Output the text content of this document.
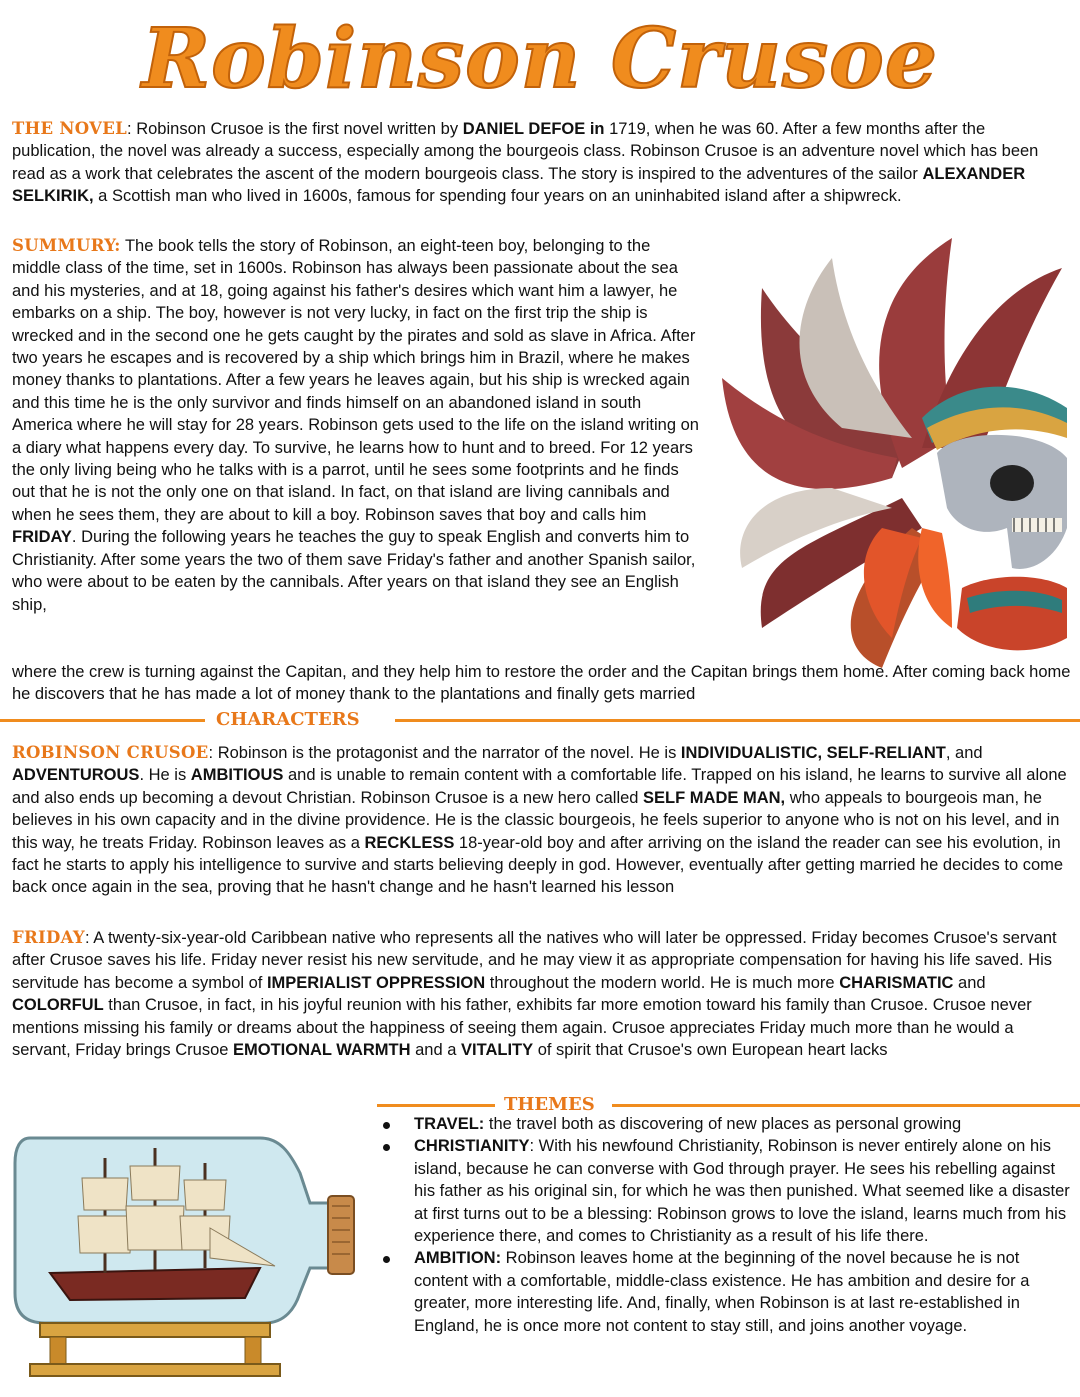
Robinson Crusoe

THE NOVEL: Robinson Crusoe is the first novel written by DANIEL DEFOE in 1719, when he was 60. After a few months after the publication, the novel was already a success, especially among the bourgeois class. Robinson Crusoe is an adventure novel which has been read as a work that celebrates the ascent of the modern bourgeois class. The story is inspired to the adventures of the sailor ALEXANDER SELKIRIK, a Scottish man who lived in 1600s, famous for spending four years on an uninhabited island after a shipwreck.

SUMMURY: The book tells the story of Robinson, an eight-teen boy, belonging to the middle class of the time, set in 1600s. Robinson has always been passionate about the sea and his mysteries, and at 18, going against his father's desires which want him a lawyer, he embarks on a ship. The boy, however is not very lucky, in fact on the first trip the ship is wrecked and in the second one he gets caught by the pirates and sold as slave in Africa. After two years he escapes and is recovered by a ship which brings him in Brazil, where he makes money thanks to plantations. After a few years he leaves again, but his ship is wrecked again and this time he is the only survivor and finds himself on an abandoned island in south America where he will stay for 28 years. Robinson gets used to the life on the island writing on a diary what happens every day. To survive, he learns how to hunt and to breed. For 12 years the only living being who he talks with is a parrot, until he sees some footprints and he finds out that he is not the only one on that island. In fact, on that island are living cannibals and when he sees them, they are about to kill a boy. Robinson saves that boy and calls him FRIDAY. During the following years he teaches the guy to speak English and converts him to Christianity. After some years the two of them save Friday's father and another Spanish sailor, who were about to be eaten by the cannibals. After years on that island they see an English ship,

where the crew is turning against the Capitan, and they help him to restore the order and the Capitan brings them home. After coming back home he discovers that he has made a lot of money thank to the plantations and finally gets married

CHARACTERS

ROBINSON CRUSOE: Robinson is the protagonist and the narrator of the novel. He is INDIVIDUALISTIC, SELF-RELIANT, and ADVENTUROUS. He is AMBITIOUS and is unable to remain content with a comfortable life. Trapped on his island, he learns to survive all alone and also ends up becoming a devout Christian. Robinson Crusoe is a new hero called SELF MADE MAN, who appeals to bourgeois man, he believes in his own capacity and in the divine providence. He is the classic bourgeois, he feels superior to anyone who is not on his level, and in this way, he treats Friday. Robinson leaves as a RECKLESS 18-year-old boy and after arriving on the island the reader can see his evolution, in fact he starts to apply his intelligence to survive and starts believing deeply in god. However, eventually after getting married he decides to come back once again in the sea, proving that he hasn't change and he hasn't learned his lesson

FRIDAY: A twenty-six-year-old Caribbean native who represents all the natives who will later be oppressed. Friday becomes Crusoe's servant after Crusoe saves his life. Friday never resist his new servitude, and he may view it as appropriate compensation for having his life saved. His servitude has become a symbol of IMPERIALIST OPPRESSION throughout the modern world. He is much more CHARISMATIC and COLORFUL than Crusoe, in fact, in his joyful reunion with his father, exhibits far more emotion toward his family than Crusoe. Crusoe never mentions missing his family or dreams about the happiness of seeing them again. Crusoe appreciates Friday much more than he would a servant, Friday brings Crusoe EMOTIONAL WARMTH and a VITALITY of spirit that Crusoe's own European heart lacks

THEMES
TRAVEL: the travel both as discovering of new places as personal growing
CHRISTIANITY: With his newfound Christianity, Robinson is never entirely alone on his island, because he can converse with God through prayer. He sees his rebelling against his father as his original sin, for which he was then punished. What seemed like a disaster at first turns out to be a blessing: Robinson grows to love the island, learns much from his experience there, and comes to Christianity as a result of his life there.
AMBITION: Robinson leaves home at the beginning of the novel because he is not content with a comfortable, middle-class existence. He has ambition and desire for a greater, more interesting life. And, finally, when Robinson is at last re-established in England, he is once more not content to stay still, and joins another voyage.
